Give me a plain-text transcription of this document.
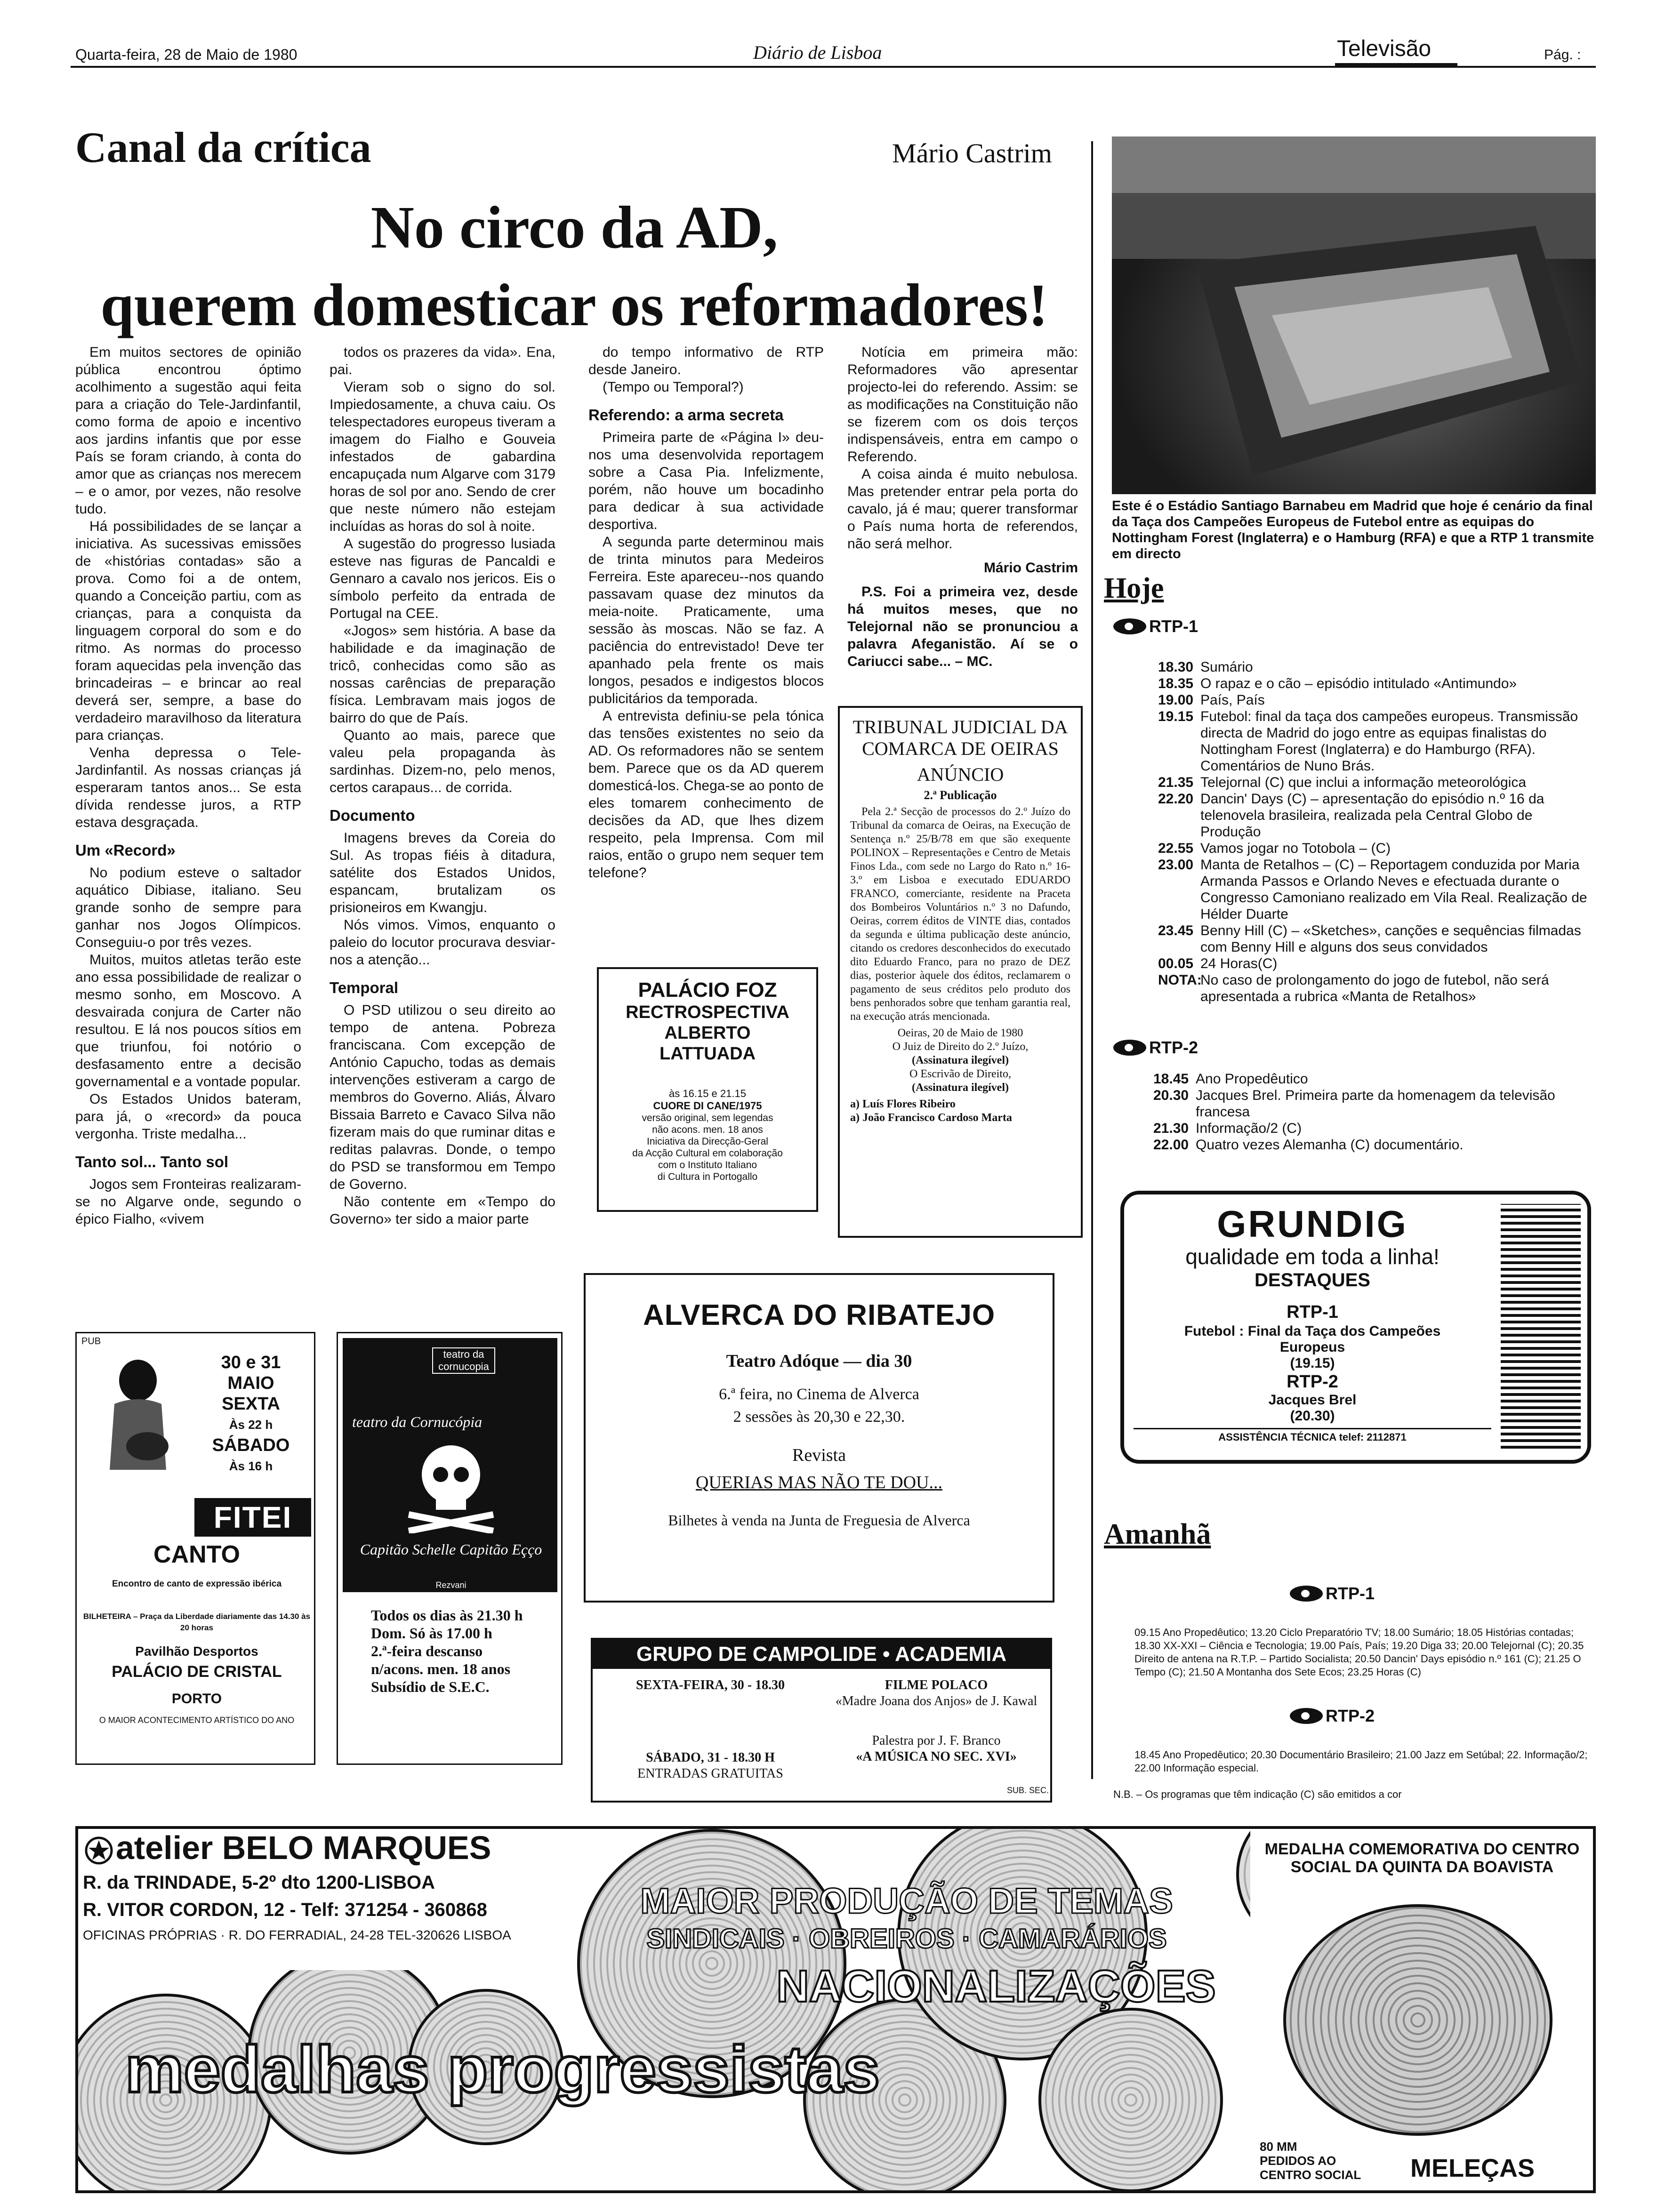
Quarta-feira, 28 de Maio de 1980	Diário de Lisboa	Televisão	Pág. :
Canal da crítica	Mário Castrim
No circo da AD,
querem domesticar os reformadores!

Em muitos sectores de opinião pública encontrou óptimo acolhimento a sugestão aqui feita para a criação do Tele-Jardinfantil, como forma de apoio e incentivo aos jardins infantis que por esse País se foram criando, à conta do amor que as crianças nos merecem – e o amor, por vezes, não resolve tudo.

Há possibilidades de se lançar a iniciativa. As sucessivas emissões de «histórias contadas» são a prova. Como foi a de ontem, quando a Conceição partiu, com as crianças, para a conquista da linguagem corporal do som e do ritmo. As normas do processo foram aquecidas pela invenção das brincadeiras – e brincar ao real deverá ser, sempre, a base do verdadeiro maravilhoso da literatura para crianças.

Venha depressa o Tele-Jardinfantil. As nossas crianças já esperaram tantos anos... Se esta dívida rendesse juros, a RTP estava desgraçada.

Um «Record»

No podium esteve o saltador aquático Dibiase, italiano. Seu grande sonho de sempre para ganhar nos Jogos Olímpicos. Conseguiu-o por três vezes.

Muitos, muitos atletas terão este ano essa possibilidade de realizar o mesmo sonho, em Moscovo. A desvairada conjura de Carter não resultou. E lá nos poucos sítios em que triunfou, foi notório o desfasamento entre a decisão governamental e a vontade popular.

Os Estados Unidos bateram, para já, o «record» da pouca vergonha. Triste medalha...

Tanto sol... Tanto sol

Jogos sem Fronteiras realizaram-se no Algarve onde, segundo o épico Fialho, «vivem

todos os prazeres da vida». Ena, pai.

Vieram sob o signo do sol. Impiedosamente, a chuva caiu. Os telespectadores europeus tiveram a imagem do Fialho e Gouveia infestados de gabardina encapuçada num Algarve com 3179 horas de sol por ano. Sendo de crer que neste número não estejam incluídas as horas do sol à noite.

A sugestão do progresso lusiada esteve nas figuras de Pancaldi e Gennaro a cavalo nos jericos. Eis o símbolo perfeito da entrada de Portugal na CEE.

«Jogos» sem história. A base da habilidade e da imaginação de tricô, conhecidas como são as nossas carências de preparação física. Lembravam mais jogos de bairro do que de País.

Quanto ao mais, parece que valeu pela propaganda às sardinhas. Dizem-no, pelo menos, certos carapaus... de corrida.

Documento

Imagens breves da Coreia do Sul. As tropas fiéis à ditadura, satélite dos Estados Unidos, espancam, brutalizam os prisioneiros em Kwangju.

Nós vimos. Vimos, enquanto o paleio do locutor procurava desviar-nos a atenção...

Temporal

O PSD utilizou o seu direito ao tempo de antena. Pobreza franciscana. Com excepção de António Capucho, todas as demais intervenções estiveram a cargo de membros do Governo. Aliás, Álvaro Bissaia Barreto e Cavaco Silva não fizeram mais do que ruminar ditas e reditas palavras. Donde, o tempo do PSD se transformou em Tempo de Governo.

Não contente em «Tempo do Governo» ter sido a maior parte

do tempo informativo de RTP desde Janeiro.

(Tempo ou Temporal?)

Referendo: a arma secreta

Primeira parte de «Página I» deu-nos uma desenvolvida reportagem sobre a Casa Pia. Infelizmente, porém, não houve um bocadinho para dedicar à sua actividade desportiva.

A segunda parte determinou mais de trinta minutos para Medeiros Ferreira. Este apareceu--nos quando passavam quase dez minutos da meia-noite. Praticamente, uma sessão às moscas. Não se faz. A paciência do entrevistado! Deve ter apanhado pela frente os mais longos, pesados e indigestos blocos publicitários da temporada.

A entrevista definiu-se pela tónica das tensões existentes no seio da AD. Os reformadores não se sentem bem. Parece que os da AD querem domesticá-los. Chega-se ao ponto de eles tomarem conhecimento de decisões da AD, que lhes dizem respeito, pela Imprensa. Com mil raios, então o grupo nem sequer tem telefone?

Notícia em primeira mão: Reformadores vão apresentar projecto-lei do referendo. Assim: se as modificações na Constituição não se fizerem com os dois terços indispensáveis, entra em campo o Referendo.

A coisa ainda é muito nebulosa. Mas pretender entrar pela porta do cavalo, já é mau; querer transformar o País numa horta de referendos, não será melhor.

Mário Castrim

P.S. Foi a primeira vez, desde há muitos meses, que no Telejornal não se pronunciou a palavra Afeganistão. Aí se o Cariucci sabe... – MC.

TRIBUNAL JUDICIAL DA COMARCA DE OEIRAS
ANÚNCIO
2.ª Publicação
Pela 2.ª Secção de processos do 2.º Juízo do Tribunal da comarca de Oeiras, na Execução de Sentença n.º 25/B/78 em que são exequente POLINOX – Representações e Centro de Metais Finos Lda., com sede no Largo do Rato n.º 16-3.º em Lisboa e executado EDUARDO FRANCO, comerciante, residente na Praceta dos Bombeiros Voluntários n.º 3 no Dafundo, Oeiras, correm éditos de VINTE dias, contados da segunda e última publicação deste anúncio, citando os credores desconhecidos do executado dito Eduardo Franco, para no prazo de DEZ dias, posterior àquele dos éditos, reclamarem o pagamento de seus créditos pelo produto dos bens penhorados sobre que tenham garantia real, na execução atrás mencionada.
Oeiras, 20 de Maio de 1980
O Juiz de Direito do 2.º Juízo,
(Assinatura ilegível)
O Escrivão de Direito,
(Assinatura ilegível)
a) Luís Flores Ribeiro
a) João Francisco Cardoso Marta
PALÁCIO FOZ
RECTROSPECTIVA
ALBERTO
LATTUADA
às 16.15 e 21.15
CUORE DI CANE/1975
versão original, sem legendas
não acons. men. 18 anos
Iniciativa da Direcção-Geral
da Acção Cultural em colaboração
com o Instituto Italiano
di Cultura in Portogallo
Este é o Estádio Santiago Barnabeu em Madrid que hoje é cenário da final da Taça dos Campeões Europeus de Futebol entre as equipas do Nottingham Forest (Inglaterra) e o Hamburg (RFA) e que a RTP 1 transmite em directo
Hoje
RTP-1
18.30 Sumário
18.35 O rapaz e o cão – episódio intitulado «Antimundo»
19.00 País, País
19.15 Futebol: final da taça dos campeões europeus. Transmissão directa de Madrid do jogo entre as equipas finalistas do Nottingham Forest (Inglaterra) e do Hamburgo (RFA). Comentários de Nuno Brás.
21.35 Telejornal (C) que inclui a informação meteorológica
22.20 Dancin' Days (C) – apresentação do episódio n.º 16 da telenovela brasileira, realizada pela Central Globo de Produção
22.55 Vamos jogar no Totobola – (C)
23.00 Manta de Retalhos – (C) – Reportagem conduzida por Maria Armanda Passos e Orlando Neves e efectuada durante o Congresso Camoniano realizado em Vila Real. Realização de Hélder Duarte
23.45 Benny Hill (C) – «Sketches», canções e sequências filmadas com Benny Hill e alguns dos seus convidados
00.05 24 Horas(C)
NOTA:
No caso de prolongamento do jogo de futebol, não será apresentada a rubrica «Manta de Retalhos»
RTP-2
18.45 Ano Propedêutico
20.30 Jacques Brel. Primeira parte da homenagem da televisão francesa
21.30 Informação/2 (C)
22.00 Quatro vezes Alemanha (C) documentário.
GRUNDIG
qualidade em toda a linha!
DESTAQUES
RTP-1
Futebol : Final da Taça dos Campeões
Europeus
(19.15)
RTP-2
Jacques Brel
(20.30)
ASSISTÊNCIA TÉCNICA telef: 2112871
Amanhã
RTP-1
09.15 Ano Propedêutico; 13.20 Ciclo Preparatório TV; 18.00 Sumário; 18.05 Histórias contadas; 18.30 XX-XXI – Ciência e Tecnologia; 19.00 País, País; 19.20 Diga 33; 20.00 Telejornal (C); 20.35 Direito de antena na R.T.P. – Partido Socialista; 20.50 Dancin' Days episódio n.º 161 (C); 21.25 O Tempo (C); 21.50 A Montanha dos Sete Ecos; 23.25 Horas (C)
RTP-2
18.45 Ano Propedêutico; 20.30 Documentário Brasileiro; 21.00 Jazz em Setúbal; 22. Informação/2; 22.00 Informação especial.
N.B. – Os programas que têm indicação (C) são emitidos a cor
PUB
30 e 31
MAIO
SEXTA
Às 22 h
SÁBADO
Às 16 h
FITEI
CANTO
Encontro de canto de expressão ibérica
BILHETEIRA – Praça da Liberdade diariamente das 14.30 às 20 horas
Pavilhão Desportos
PALÁCIO DE CRISTAL
PORTO
O MAIOR ACONTECIMENTO ARTÍSTICO DO ANO
teatro da cornucopia
teatro da Cornucópia
Capitão Schelle Capitão Eçço
Rezvani
Todos os dias às 21.30 h
Dom. Só às 17.00 h
2.ª-feira descanso
n/acons. men. 18 anos
Subsídio de S.E.C.
ALVERCA DO RIBATEJO
Teatro Adóque — dia 30
6.ª feira, no Cinema de Alverca
2 sessões às 20,30 e 22,30.
Revista
QUERIAS MAS NÃO TE DOU...
Bilhetes à venda na Junta de Freguesia de Alverca
GRUPO DE CAMPOLIDE • ACADEMIA ALMADENSE
SEXTA-FEIRA, 30 - 18.30
SÁBADO, 31 - 18.30 H
ENTRADAS GRATUITAS
FILME POLACO
«Madre Joana dos Anjos» de J. Kawal
Palestra por J. F. Branco
«A MÚSICA NO SEC. XVI»
SUB. SEC.
atelier BELO MARQUES
R. da TRINDADE, 5-2º dto 1200-LISBOA
R. VITOR CORDON, 12 - Telf: 371254 - 360868
OFICINAS PRÓPRIAS · R. DO FERRADIAL, 24-28 TEL-320626 LISBOA
MAIOR PRODUÇÃO DE TEMAS
SINDICAIS · OBREIROS · CAMARÁRIOS
NACIONALIZAÇÕES
medalhas progressistas
MEDALHA COMEMORATIVA DO CENTRO SOCIAL DA QUINTA DA BOAVISTA
80 MM
PEDIDOS AO
CENTRO SOCIAL MELEÇAS
